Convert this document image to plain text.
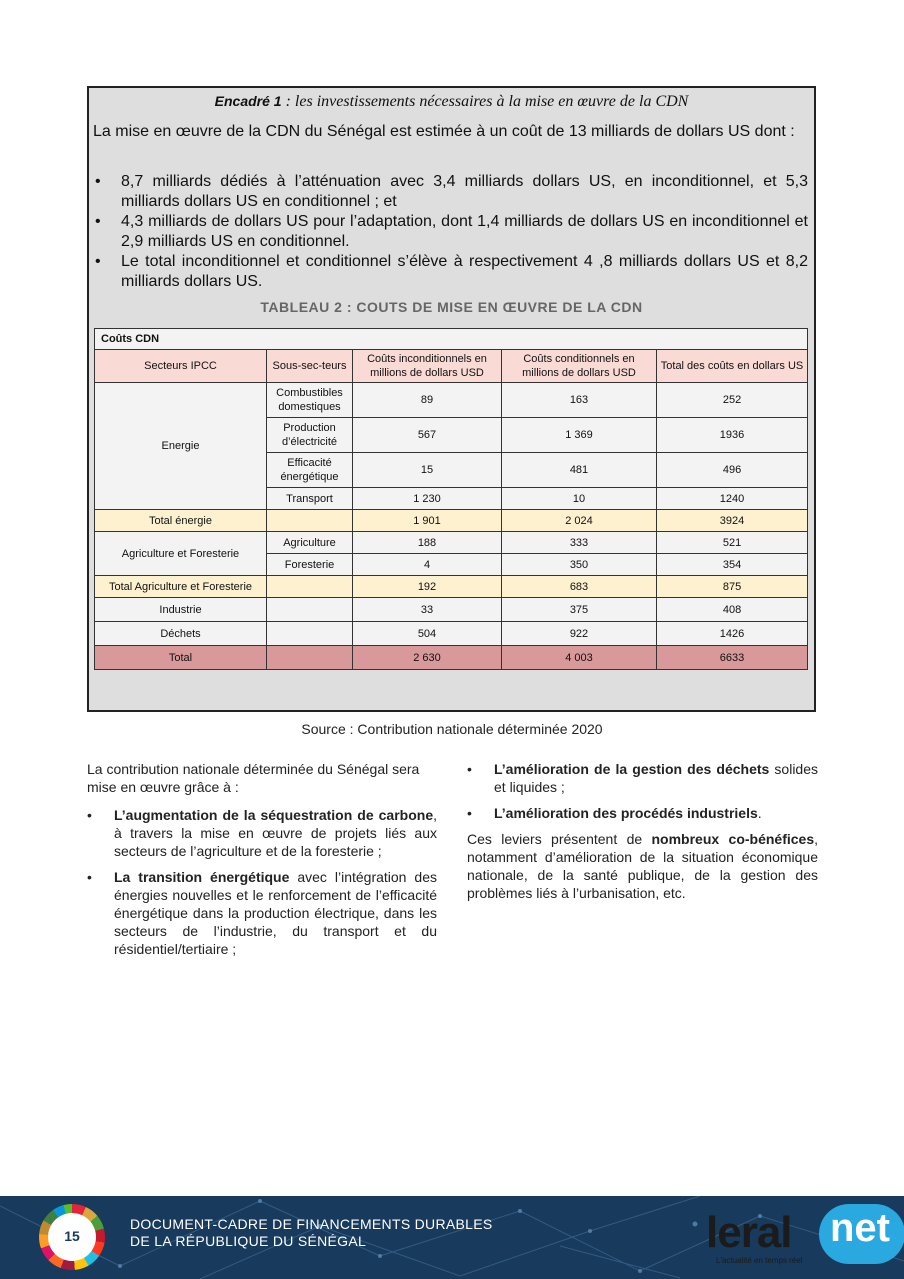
Encadré 1 : les investissements nécessaires à la mise en œuvre de la CDN
La mise en œuvre de la CDN du Sénégal est estimée à un coût de 13 milliards de dollars US dont :
• 8,7 milliards dédiés à l’atténuation avec 3,4 milliards dollars US, en inconditionnel, et 5,3 milliards dollars US en conditionnel ; et
• 4,3 milliards de dollars US pour l’adaptation, dont 1,4 milliards de dollars US en inconditionnel et 2,9 milliards US en conditionnel.
• Le total inconditionnel et conditionnel s’élève à respectivement 4 ,8 milliards dollars US et 8,2 milliards dollars US.
TABLEAU 2 : COUTS DE MISE EN ŒUVRE DE LA CDN
Coûts CDN				
Secteurs IPCC	Sous-sec-teurs	Coûts inconditionnels en millions de dollars USD	Coûts conditionnels en millions de dollars USD	Total des coûts en dollars US
Energie	Combustibles domestiques	89	163	252
	Production d’électricité	567	1 369	1936
	Efficacité énergétique	15	481	496
	Transport	1 230	10	1240
Total énergie		1 901	2 024	3924
Agriculture et Foresterie	Agriculture	188	333	521
	Foresterie	4	350	354
Total Agriculture et Foresterie		192	683	875
Industrie		33	375	408
Déchets		504	922	1426
Total		2 630	4 003	6633
Source : Contribution nationale déterminée 2020

La contribution nationale déterminée du Sénégal sera mise en œuvre grâce à :

• L’augmentation de la séquestration de carbone, à travers la mise en œuvre de projets liés aux secteurs de l’agriculture et de la foresterie ;
• La transition énergétique avec l’intégration des énergies nouvelles et le renforcement de l’efficacité énergétique dans la production électrique, dans les secteurs de l’industrie, du transport et du résidentiel/tertiaire ;
• L’amélioration de la gestion des déchets solides et liquides ;
• L’amélioration des procédés industriels.

Ces leviers présentent de nombreux co-bénéfices, notamment d’amélioration de la situation économique nationale, de la santé publique, de la gestion des problèmes liés à l’urbanisation, etc.

15
DOCUMENT-CADRE DE FINANCEMENTS DURABLES
DE LA RÉPUBLIQUE DU SÉNÉGAL	leral net
L'actualité en temps réel
